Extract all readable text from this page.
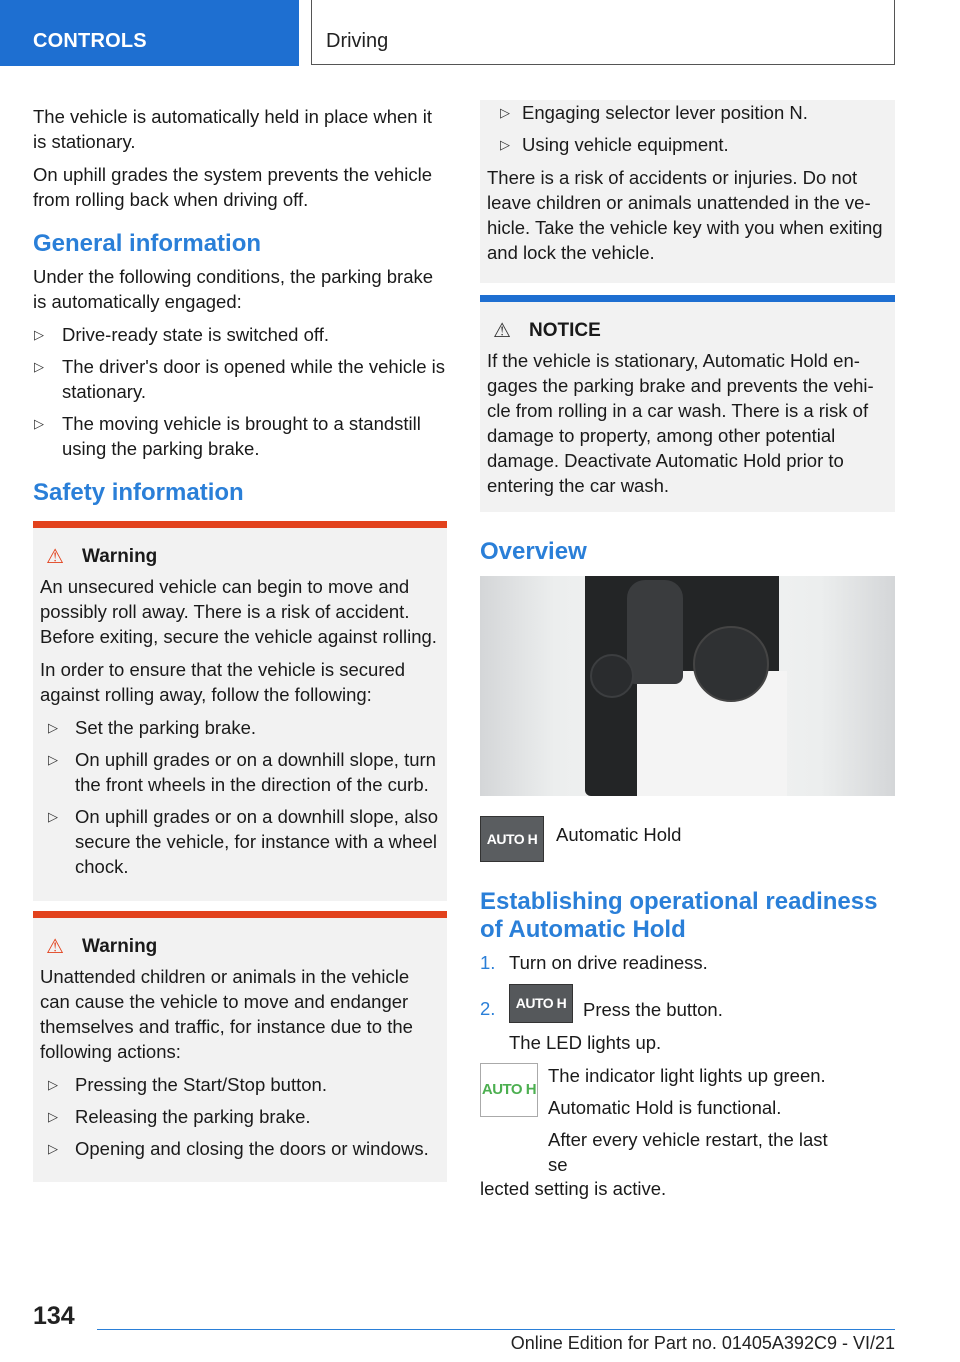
CONTROLS	Driving

The vehicle is automatically held in place when it is stationary.

On uphill grades the system prevents the vehicle from rolling back when driving off.

General information

Under the following conditions, the parking brake is automatically engaged:

▷ Drive-ready state is switched off.
▷ The driver's door is opened while the vehicle is stationary.
▷ The moving vehicle is brought to a standstill using the parking brake.
Safety information
⚠ Warning

An unsecured vehicle can begin to move and possibly roll away. There is a risk of accident. Before exiting, secure the vehicle against rolling.

In order to ensure that the vehicle is secured against rolling away, follow the following:

▷ Set the parking brake.
▷ On uphill grades or on a downhill slope, turn the front wheels in the direction of the curb.
▷ On uphill grades or on a downhill slope, also secure the vehicle, for instance with a wheel chock.
⚠ Warning

Unattended children or animals in the vehicle can cause the vehicle to move and endanger themselves and traffic, for instance due to the following actions:

▷ Pressing the Start/Stop button.
▷ Releasing the parking brake.
▷ Opening and closing the doors or windows.
▷ Engaging selector lever position N.
▷ Using vehicle equipment.

There is a risk of accidents or injuries. Do not leave children or animals unattended in the vehicle. Take the vehicle key with you when exiting and lock the vehicle.

⚠ NOTICE

If the vehicle is stationary, Automatic Hold engages the parking brake and prevents the vehicle from rolling in a car wash. There is a risk of damage to property, among other potential damage. Deactivate Automatic Hold prior to entering the car wash.

Overview
AUTO H	Automatic Hold
Establishing operational readiness of Automatic Hold
1. Turn on drive readiness.
2.	AUTO H Press the button.

The LED lights up.

AUTO H

The indicator light lights up green.

Automatic Hold is functional.

After every vehicle restart, the last se

lected setting is active.
134
Online Edition for Part no. 01405A392C9 - VI/21
